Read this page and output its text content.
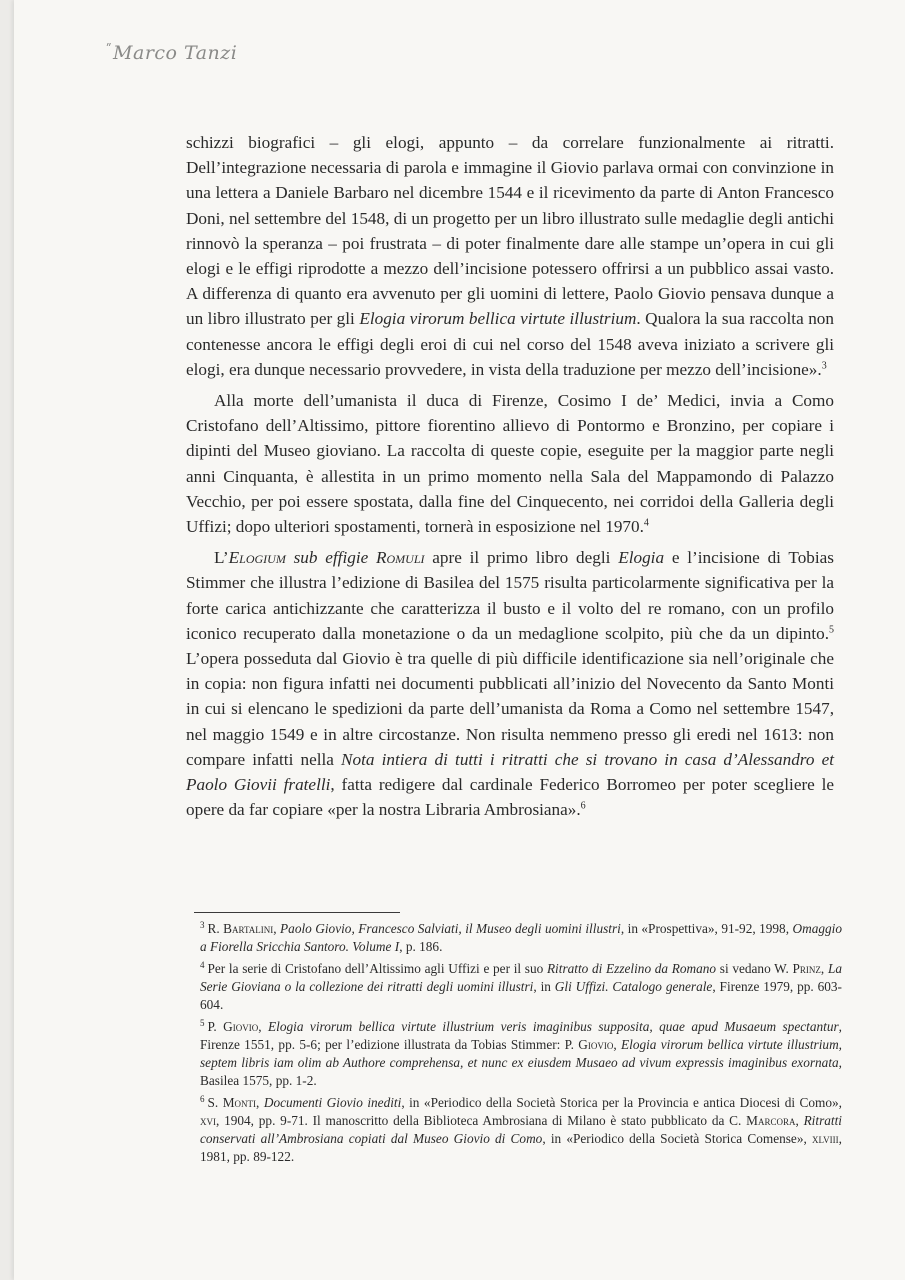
$^ʺ$Marco Tanzi

schizzi biografici – gli elogi, appunto – da correlare funzionalmente ai ritratti. Dell’integrazione necessaria di parola e immagine il Giovio parlava ormai con convinzione in una lettera a Daniele Barbaro nel dicembre 1544 e il ricevimento da parte di Anton Francesco Doni, nel settembre del 1548, di un progetto per un libro illustrato sulle medaglie degli antichi rinnovò la speranza – poi frustrata – di poter finalmente dare alle stampe un’opera in cui gli elogi e le effigi riprodotte a mezzo dell’incisione potessero offrirsi a un pubblico assai vasto. A differenza di quanto era avvenuto per gli uomini di lettere, Paolo Giovio pensava dunque a un libro illustrato per gli Elogia virorum bellica virtute illustrium. Qualora la sua raccolta non contenesse ancora le effigi degli eroi di cui nel corso del 1548 aveva iniziato a scrivere gli elogi, era dunque necessario provvedere, in vista della traduzione per mezzo dell’incisione».$^3$

Alla morte dell’umanista il duca di Firenze, Cosimo I de’ Medici, invia a Como Cristofano dell’Altissimo, pittore fiorentino allievo di Pontormo e Bronzino, per copiare i dipinti del Museo gioviano. La raccolta di queste copie, eseguite per la maggior parte negli anni Cinquanta, è allestita in un primo momento nella Sala del Mappamondo di Palazzo Vecchio, per poi essere spostata, dalla fine del Cinquecento, nei corridoi della Galleria degli Uffizi; dopo ulteriori spostamenti, tornerà in esposizione nel 1970.$^4$

L’Elogium sub effigie Romuli apre il primo libro degli Elogia e l’incisione di Tobias Stimmer che illustra l’edizione di Basilea del 1575 risulta particolarmente significativa per la forte carica antichizzante che caratterizza il busto e il volto del re romano, con un profilo iconico recuperato dalla monetazione o da un medaglione scolpito, più che da un dipinto.$^5$ L’opera posseduta dal Giovio è tra quelle di più difficile identificazione sia nell’originale che in copia: non figura infatti nei documenti pubblicati all’inizio del Novecento da Santo Monti in cui si elencano le spedizioni da parte dell’umanista da Roma a Como nel settembre 1547, nel maggio 1549 e in altre circostanze. Non risulta nemmeno presso gli eredi nel 1613: non compare infatti nella Nota intiera di tutti i ritratti che si trovano in casa d’Alessandro et Paolo Giovii fratelli, fatta redigere dal cardinale Federico Borromeo per poter scegliere le opere da far copiare «per la nostra Libraria Ambrosiana».$^6$

$^3$ R. Bartalini, Paolo Giovio, Francesco Salviati, il Museo degli uomini illustri, in «Prospettiva», 91-92, 1998, Omaggio a Fiorella Sricchia Santoro. Volume I, p. 186.

$^4$ Per la serie di Cristofano dell’Altissimo agli Uffizi e per il suo Ritratto di Ezzelino da Romano si vedano W. Prinz, La Serie Gioviana o la collezione dei ritratti degli uomini illustri, in Gli Uffizi. Catalogo generale, Firenze 1979, pp. 603-604.

$^5$ P. Giovio, Elogia virorum bellica virtute illustrium veris imaginibus supposita, quae apud Musaeum spectantur, Firenze 1551, pp. 5-6; per l’edizione illustrata da Tobias Stimmer: P. Giovio, Elogia virorum bellica virtute illustrium, septem libris iam olim ab Authore comprehensa, et nunc ex eiusdem Musaeo ad vivum expressis imaginibus exornata, Basilea 1575, pp. 1-2.

$^6$ S. Monti, Documenti Giovio inediti, in «Periodico della Società Storica per la Provincia e antica Diocesi di Como», xvi, 1904, pp. 9-71. Il manoscritto della Biblioteca Ambrosiana di Milano è stato pubblicato da C. Marcora, Ritratti conservati all’Ambrosiana copiati dal Museo Giovio di Como, in «Periodico della Società Storica Comense», xlviii, 1981, pp. 89-122.
